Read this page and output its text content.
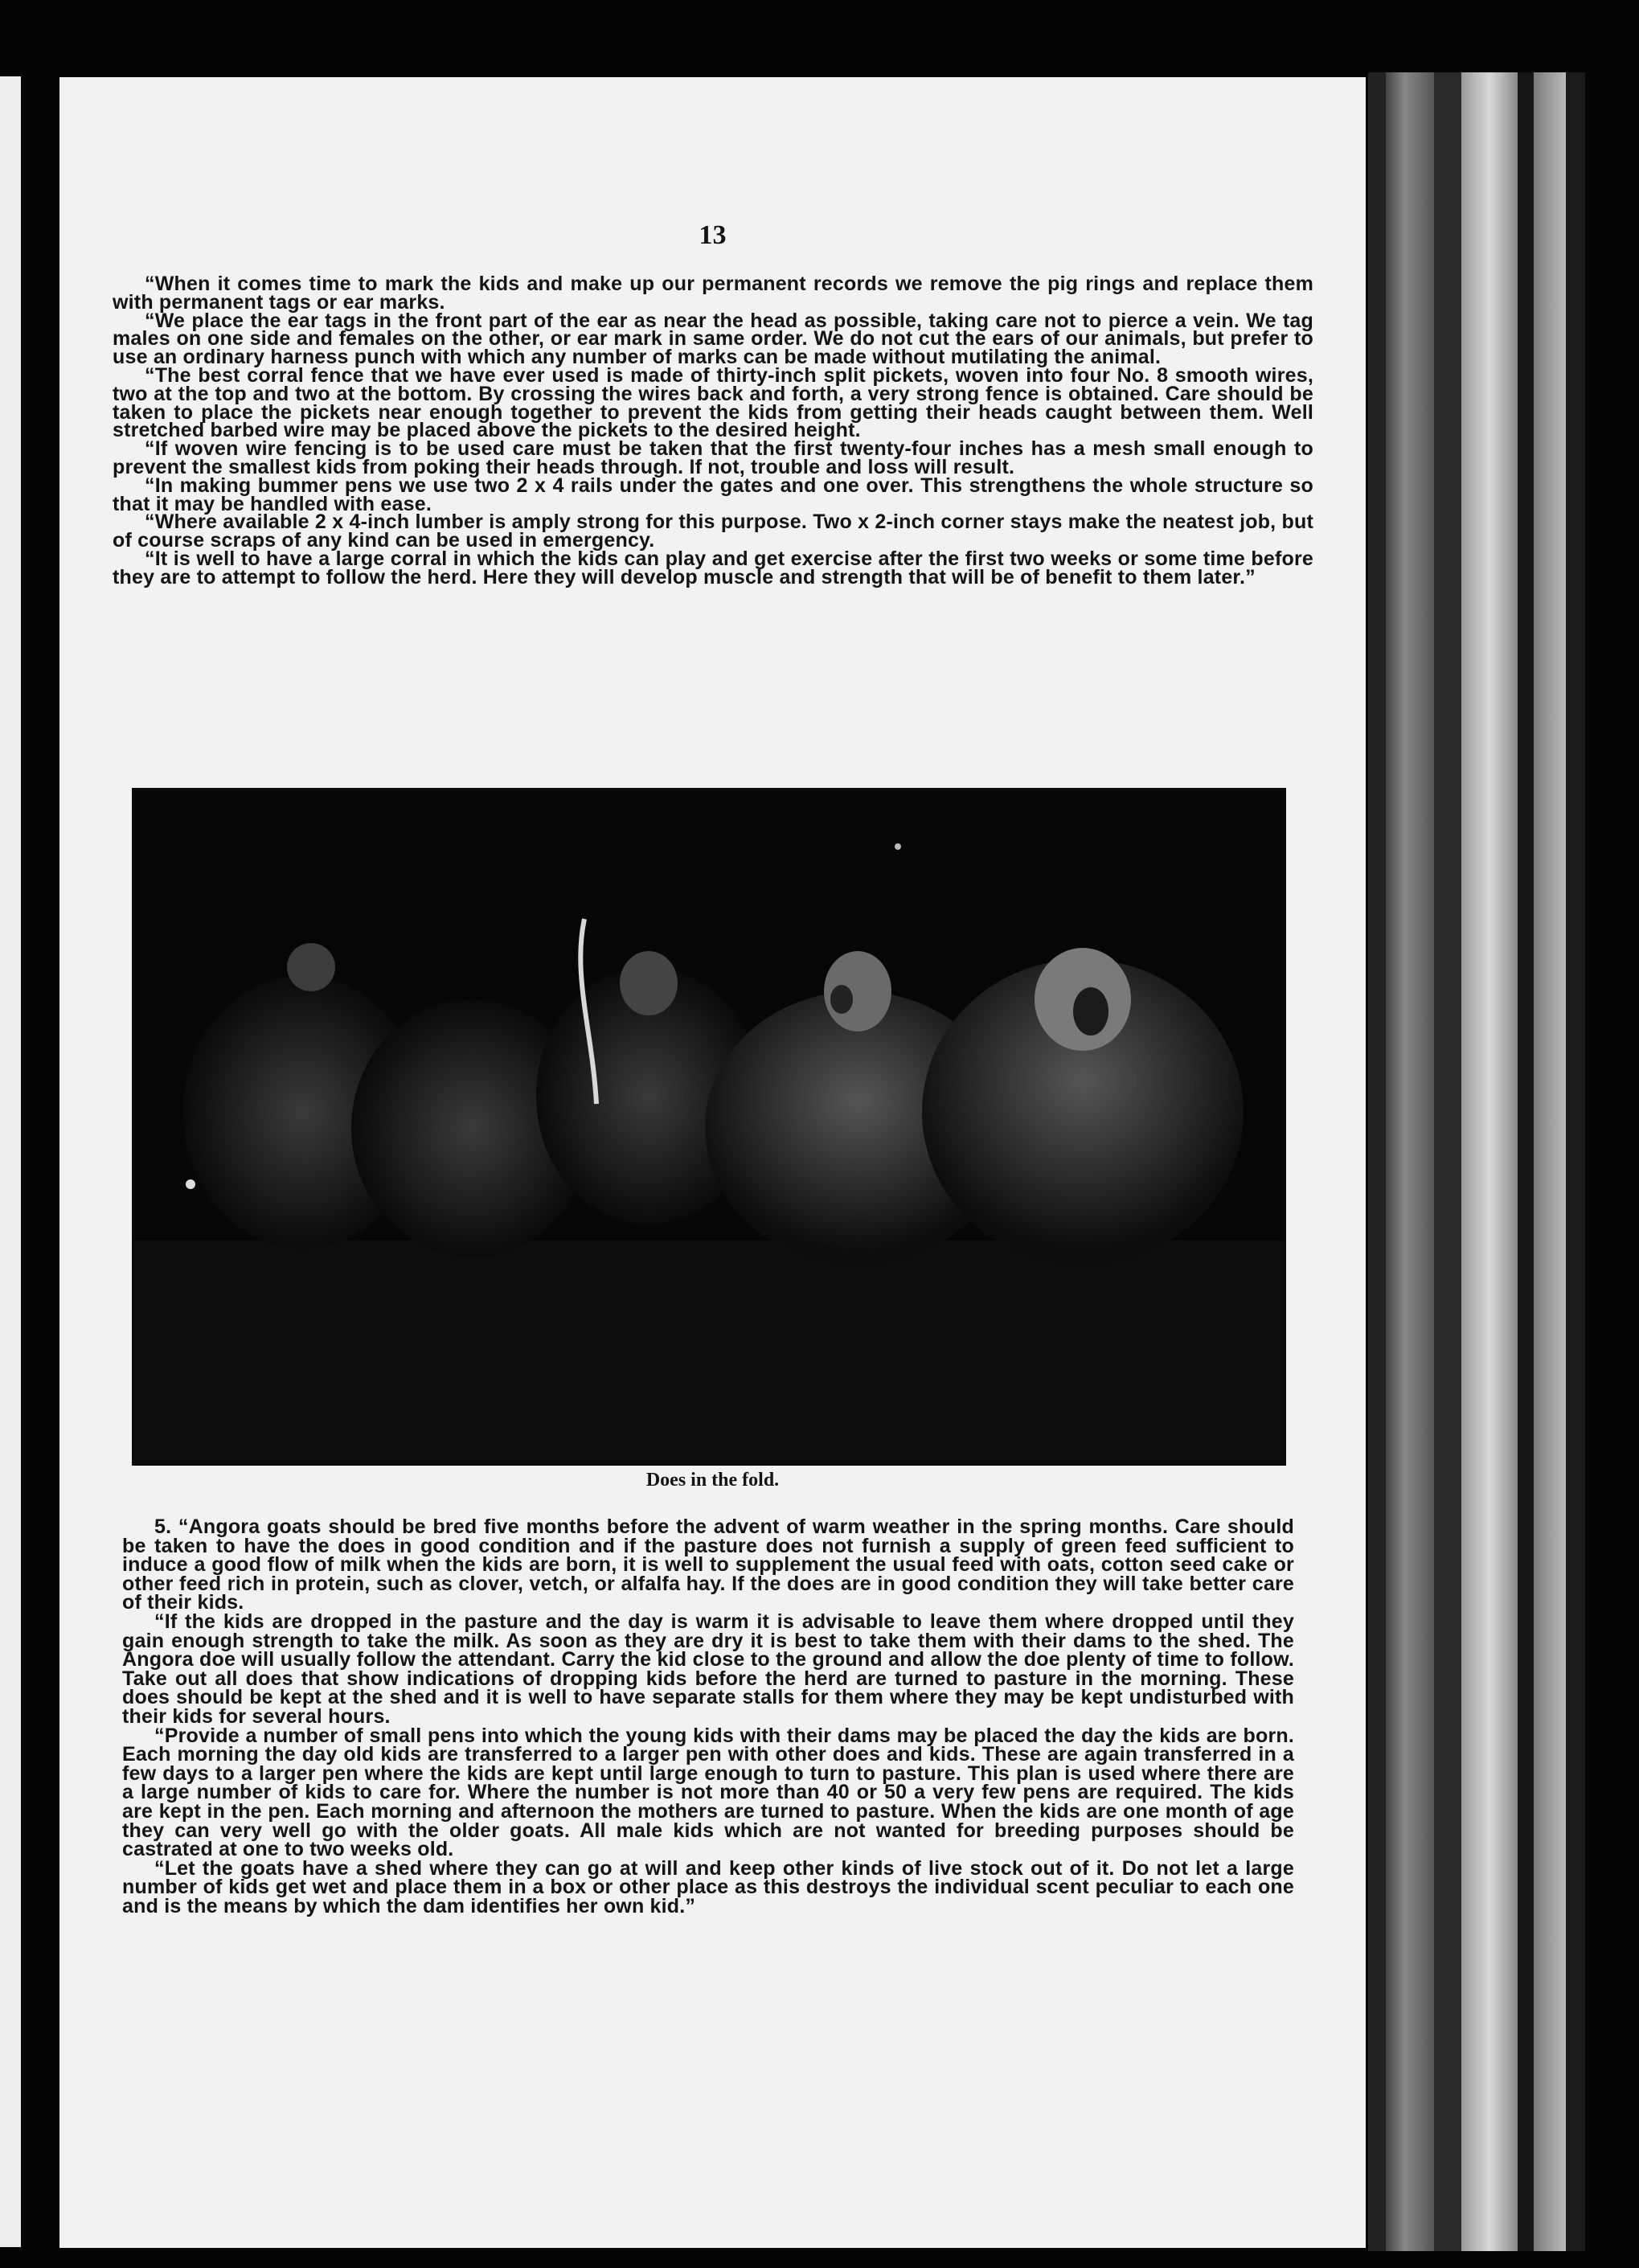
13

“When it comes time to mark the kids and make up our permanent records we remove the pig rings and replace them with permanent tags or ear marks.

“We place the ear tags in the front part of the ear as near the head as possible, taking care not to pierce a vein. We tag males on one side and females on the other, or ear mark in same order. We do not cut the ears of our animals, but prefer to use an ordinary harness punch with which any number of marks can be made without mutilating the animal.

“The best corral fence that we have ever used is made of thirty-inch split pickets, woven into four No. 8 smooth wires, two at the top and two at the bottom. By crossing the wires back and forth, a very strong fence is obtained. Care should be taken to place the pickets near enough together to prevent the kids from getting their heads caught between them. Well stretched barbed wire may be placed above the pickets to the desired height.

“If woven wire fencing is to be used care must be taken that the first twenty-four inches has a mesh small enough to prevent the smallest kids from poking their heads through. If not, trouble and loss will result.

“In making bummer pens we use two 2 x 4 rails under the gates and one over. This strengthens the whole structure so that it may be handled with ease.

“Where available 2 x 4-inch lumber is amply strong for this purpose. Two x 2-inch corner stays make the neatest job, but of course scraps of any kind can be used in emergency.

“It is well to have a large corral in which the kids can play and get exercise after the first two weeks or some time before they are to attempt to follow the herd. Here they will develop muscle and strength that will be of benefit to them later.”

Does in the fold.

5. “Angora goats should be bred five months before the advent of warm weather in the spring months. Care should be taken to have the does in good condition and if the pasture does not furnish a supply of green feed sufficient to induce a good flow of milk when the kids are born, it is well to supplement the usual feed with oats, cotton seed cake or other feed rich in protein, such as clover, vetch, or alfalfa hay. If the does are in good condition they will take better care of their kids.

“If the kids are dropped in the pasture and the day is warm it is advisable to leave them where dropped until they gain enough strength to take the milk. As soon as they are dry it is best to take them with their dams to the shed. The Angora doe will usually follow the attendant. Carry the kid close to the ground and allow the doe plenty of time to follow. Take out all does that show indications of dropping kids before the herd are turned to pasture in the morning. These does should be kept at the shed and it is well to have separate stalls for them where they may be kept undisturbed with their kids for several hours.

“Provide a number of small pens into which the young kids with their dams may be placed the day the kids are born. Each morning the day old kids are transferred to a larger pen with other does and kids. These are again transferred in a few days to a larger pen where the kids are kept until large enough to turn to pasture. This plan is used where there are a large number of kids to care for. Where the number is not more than 40 or 50 a very few pens are required. The kids are kept in the pen. Each morning and afternoon the mothers are turned to pasture. When the kids are one month of age they can very well go with the older goats. All male kids which are not wanted for breeding purposes should be castrated at one to two weeks old.

“Let the goats have a shed where they can go at will and keep other kinds of live stock out of it. Do not let a large number of kids get wet and place them in a box or other place as this destroys the individual scent peculiar to each one and is the means by which the dam identifies her own kid.”
